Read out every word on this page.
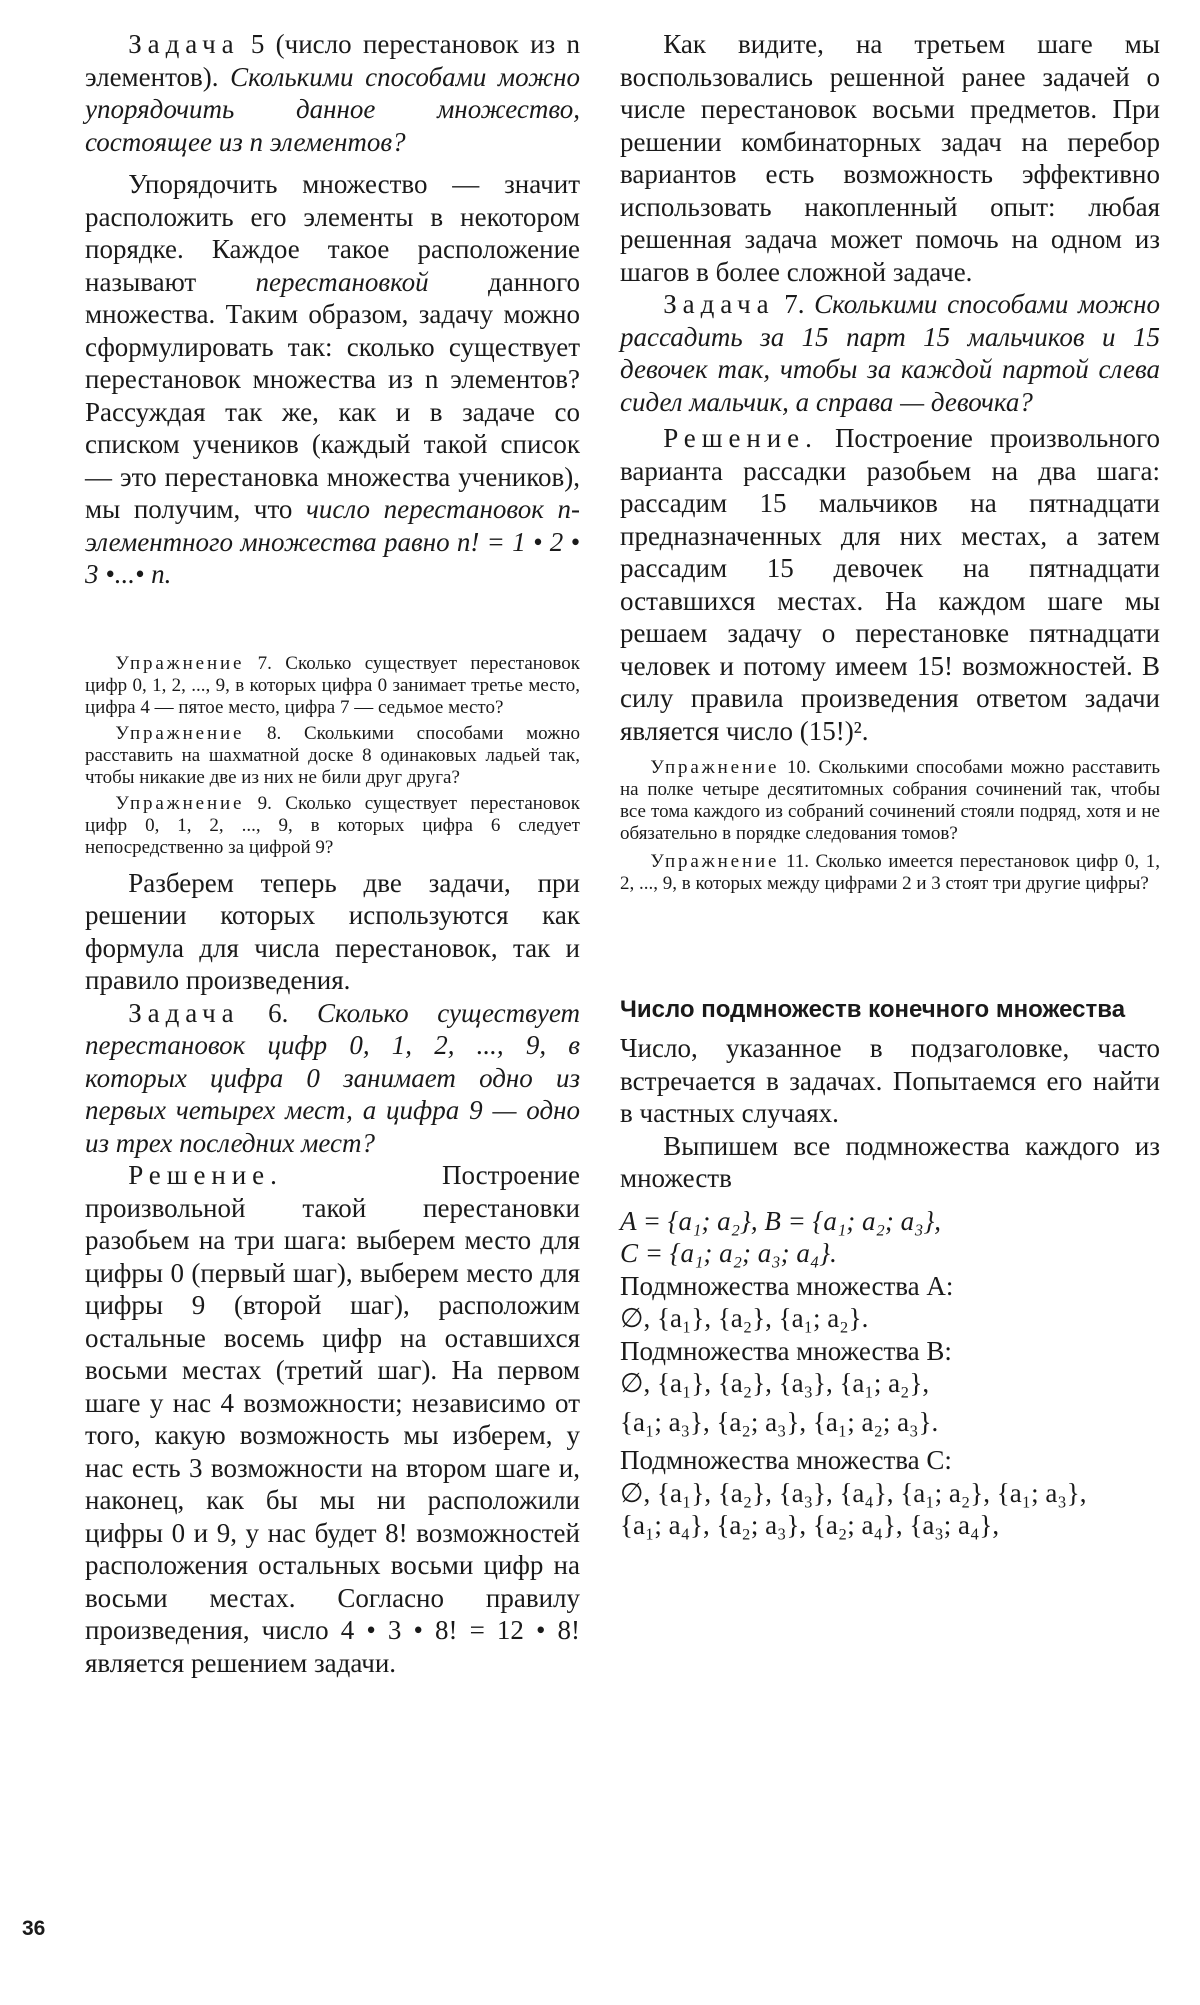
Задача 5 (число перестановок из n элементов). Сколькими способами можно упорядочить данное множество, состоящее из n элементов?

Упорядочить множество — значит расположить его элементы в некотором порядке. Каждое такое расположение называют перестановкой данного множества. Таким образом, задачу можно сформулировать так: сколько существует перестановок множества из n элементов? Рассуждая так же, как и в задаче со списком учеников (каждый такой список — это перестановка множества учеников), мы получим, что число перестановок n-элементного множества равно n! = 1 • 2 • 3 •...• n.

Упражнение 7. Сколько существует перестановок цифр 0, 1, 2, ..., 9, в которых цифра 0 занимает третье место, цифра 4 — пятое место, цифра 7 — седьмое место?

Упражнение 8. Сколькими способами можно расставить на шахматной доске 8 одинаковых ладьей так, чтобы никакие две из них не били друг друга?

Упражнение 9. Сколько существует перестановок цифр 0, 1, 2, ..., 9, в которых цифра 6 следует непосредственно за цифрой 9?

Разберем теперь две задачи, при решении которых используются как формула для числа перестановок, так и правило произведения.

Задача 6. Сколько существует перестановок цифр 0, 1, 2, ..., 9, в которых цифра 0 занимает одно из первых четырех мест, а цифра 9 — одно из трех последних мест?

Решение.	Построение произвольной такой перестановки разобьем на три шага: выберем место для цифры 0 (первый шаг), выберем место для цифры 9 (второй шаг), расположим остальные восемь цифр на оставшихся восьми местах (третий шаг). На первом шаге у нас 4 возможности; независимо от того, какую возможность мы изберем, у нас есть 3 возможности на втором шаге и, наконец, как бы мы ни расположили цифры 0 и 9, у нас будет 8! возможностей расположения остальных восьми цифр на восьми местах. Согласно правилу произведения, число 4 • 3 • 8! = 12 • 8! является решением задачи.

Как видите, на третьем шаге мы воспользовались решенной ранее задачей о числе перестановок восьми предметов. При решении комбинаторных задач на перебор вариантов есть возможность эффективно использовать накопленный опыт: любая решенная задача может помочь на одном из шагов в более сложной задаче.

Задача 7. Сколькими способами можно рассадить за 15 парт 15 мальчиков и 15 девочек так, чтобы за каждой партой слева сидел мальчик, а справа — девочка?

Решение. Построение произвольного варианта рассадки разобьем на два шага: рассадим 15 мальчиков на пятнадцати предназначенных для них местах, а затем рассадим 15 девочек на пятнадцати оставшихся местах. На каждом шаге мы решаем задачу о перестановке пятнадцати человек и потому имеем 15! возможностей. В силу правила произведения ответом задачи является число (15!)².

Упражнение 10. Сколькими способами можно расставить на полке четыре десятитомных собрания сочинений так, чтобы все тома каждого из собраний сочинений стояли подряд, хотя и не обязательно в порядке следования томов?

Упражнение 11. Сколько имеется перестановок цифр 0, 1, 2, ..., 9, в которых между цифрами 2 и 3 стоят три другие цифры?

Число подмножеств конечного множества

Число, указанное в подзаголовке, часто встречается в задачах. Попытаемся его найти в частных случаях.

Выпишем все подмножества каждого из множеств

A = {a₁; a₂}, B = {a₁; a₂; a₃},

C = {a₁; a₂; a₃; a₄}.

Подмножества множества A:

∅, {a₁}, {a₂}, {a₁; a₂}.

Подмножества множества B:

∅, {a₁}, {a₂}, {a₃}, {a₁; a₂},

{a₁; a₃}, {a₂; a₃}, {a₁; a₂; a₃}.

Подмножества множества C:

∅, {a₁}, {a₂}, {a₃}, {a₄}, {a₁; a₂}, {a₁; a₃},

{a₁; a₄}, {a₂; a₃}, {a₂; a₄}, {a₃; a₄},

36
